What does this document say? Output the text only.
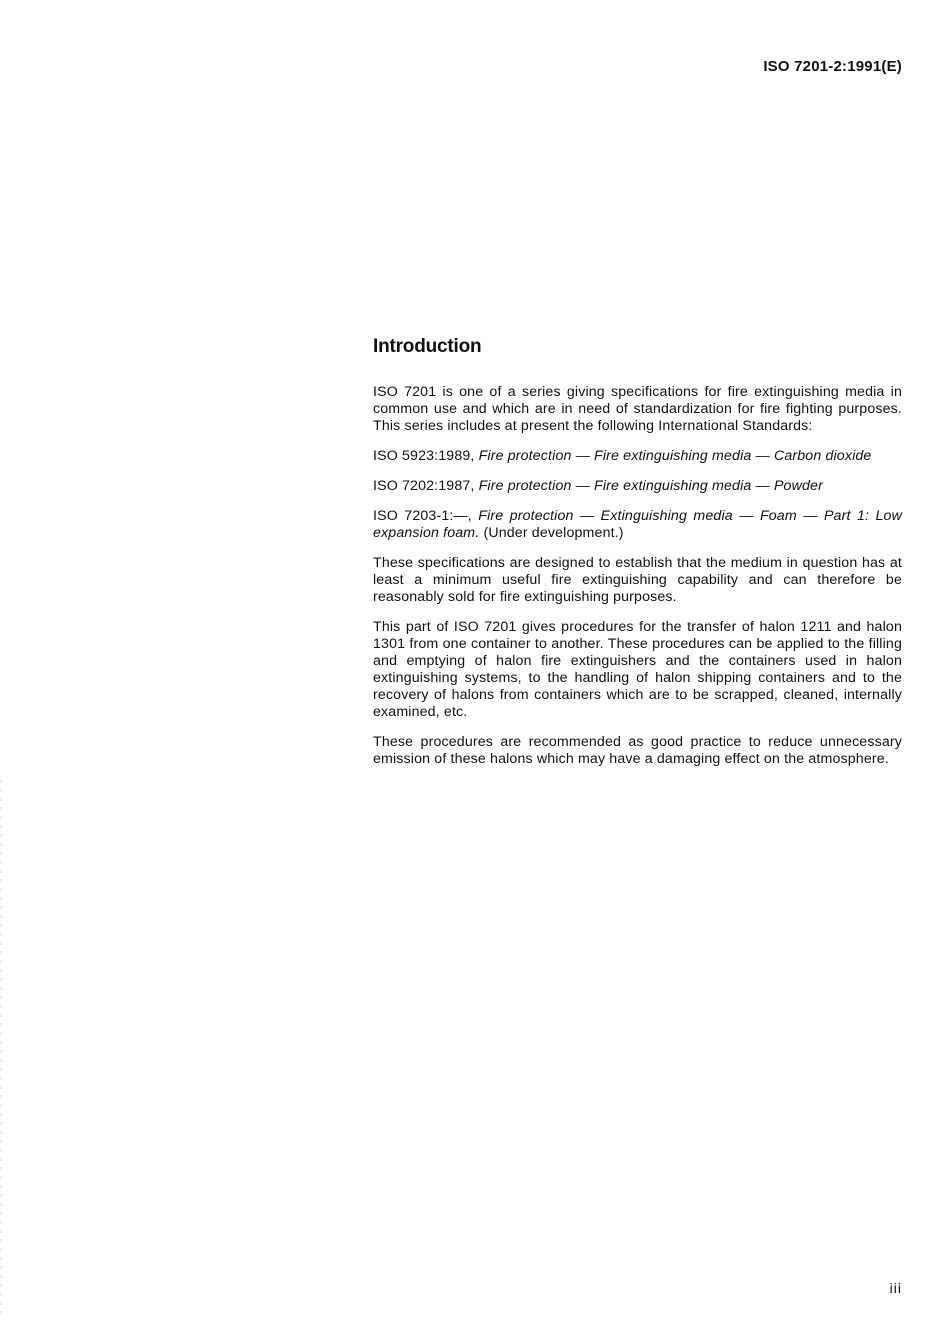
ISO 7201-2:1991(E)
Introduction

ISO 7201 is one of a series giving specifications for fire extinguishing media in common use and which are in need of standardization for fire fighting purposes. This series includes at present the following International Standards:

ISO 5923:1989, Fire protection — Fire extinguishing media — Carbon dioxide

ISO 7202:1987, Fire protection — Fire extinguishing media — Powder

ISO 7203-1:—, Fire protection — Extinguishing media — Foam — Part 1: Low expansion foam. (Under development.)

These specifications are designed to establish that the medium in question has at least a minimum useful fire extinguishing capability and can therefore be reasonably sold for fire extinguishing purposes.

This part of ISO 7201 gives procedures for the transfer of halon 1211 and halon 1301 from one container to another. These procedures can be applied to the filling and emptying of halon fire extinguishers and the containers used in halon extinguishing systems, to the handling of halon shipping containers and to the recovery of halons from containers which are to be scrapped, cleaned, internally examined, etc.

These procedures are recommended as good practice to reduce unnecessary emission of these halons which may have a damaging effect on the atmosphere.

iii
